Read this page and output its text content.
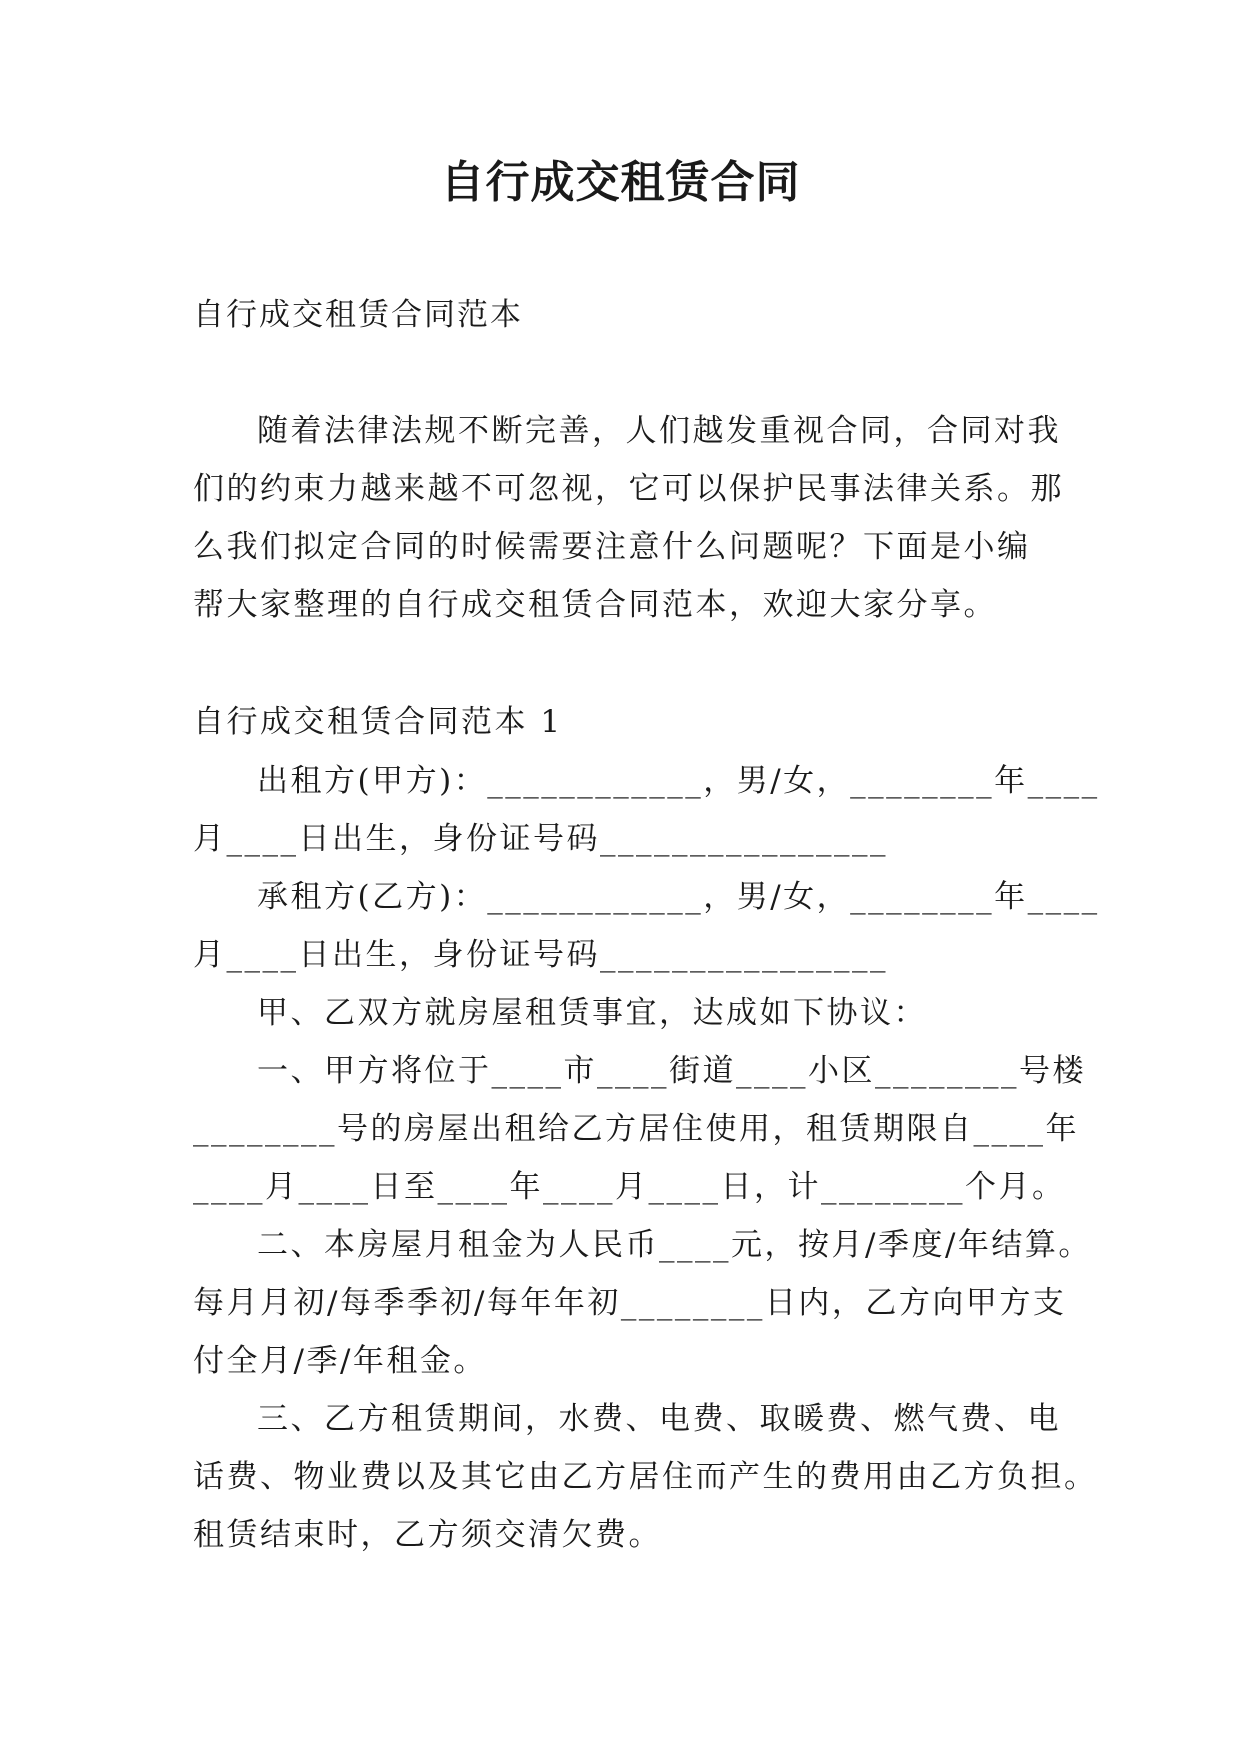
自行成交租赁合同

自行成交租赁合同范本

随着法律法规不断完善，人们越发重视合同，合同对我

们的约束力越来越不可忽视，它可以保护民事法律关系。那

么我们拟定合同的时候需要注意什么问题呢？下面是小编

帮大家整理的自行成交租赁合同范本，欢迎大家分享。

自行成交租赁合同范本 1

出租方(甲方)：____________，男/女，________年____

月____日出生，身份证号码________________

承租方(乙方)：____________，男/女，________年____

月____日出生，身份证号码________________

甲、乙双方就房屋租赁事宜，达成如下协议：

一、甲方将位于____市____街道____小区________号楼

________号的房屋出租给乙方居住使用，租赁期限自____年

____月____日至____年____月____日，计________个月。

二、本房屋月租金为人民币____元，按月/季度/年结算。

每月月初/每季季初/每年年初________日内，乙方向甲方支

付全月/季/年租金。

三、乙方租赁期间，水费、电费、取暖费、燃气费、电

话费、物业费以及其它由乙方居住而产生的费用由乙方负担。

租赁结束时，乙方须交清欠费。
